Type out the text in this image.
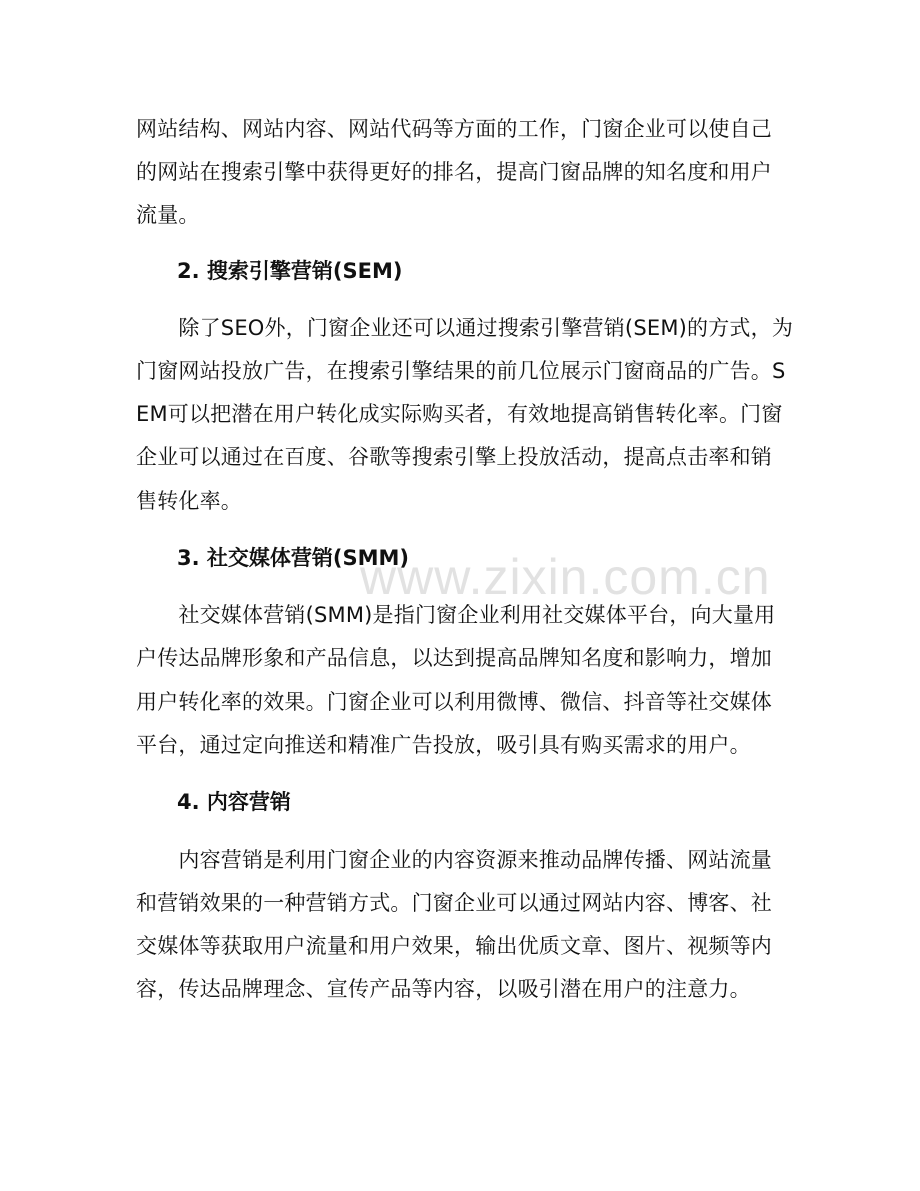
网站结构、网站内容、网站代码等方面的工作，门窗企业可以使自己
的网站在搜索引擎中获得更好的排名，提高门窗品牌的知名度和用户
流量。
2. 搜索引擎营销(SEM)
　　除了SEO外，门窗企业还可以通过搜索引擎营销(SEM)的方式，为
门窗网站投放广告，在搜索引擎结果的前几位展示门窗商品的广告。S
EM可以把潜在用户转化成实际购买者，有效地提高销售转化率。门窗
企业可以通过在百度、谷歌等搜索引擎上投放活动，提高点击率和销
售转化率。
3. 社交媒体营销(SMM)
　　社交媒体营销(SMM)是指门窗企业利用社交媒体平台，向大量用
户传达品牌形象和产品信息，以达到提高品牌知名度和影响力，增加
用户转化率的效果。门窗企业可以利用微博、微信、抖音等社交媒体
平台，通过定向推送和精准广告投放，吸引具有购买需求的用户。
4. 内容营销
　　内容营销是利用门窗企业的内容资源来推动品牌传播、网站流量
和营销效果的一种营销方式。门窗企业可以通过网站内容、博客、社
交媒体等获取用户流量和用户效果，输出优质文章、图片、视频等内
容，传达品牌理念、宣传产品等内容，以吸引潜在用户的注意力。
www.zixin.com.cn
